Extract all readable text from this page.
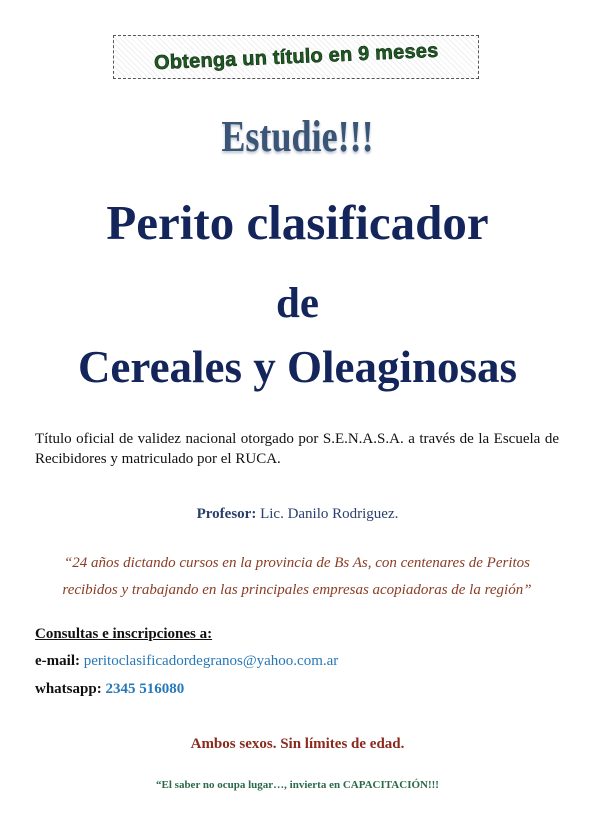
Obtenga un título en 9 meses
Estudie!!!
Perito clasificador
de
Cereales y Oleaginosas
Título oficial de validez nacional otorgado por S.E.N.A.S.A. a través de la Escuela de Recibidores y matriculado por el RUCA.
Profesor: Lic. Danilo Rodriguez.
“24 años dictando cursos en la provincia de Bs As, con centenares de Peritos recibidos y trabajando en las principales empresas acopiadoras de la región”
Consultas e inscripciones a:
e-mail: peritoclasificadordegranos@yahoo.com.ar
whatsapp: 2345 516080
Ambos sexos. Sin límites de edad.
“El saber no ocupa lugar…, invierta en CAPACITACIÓN!!!
